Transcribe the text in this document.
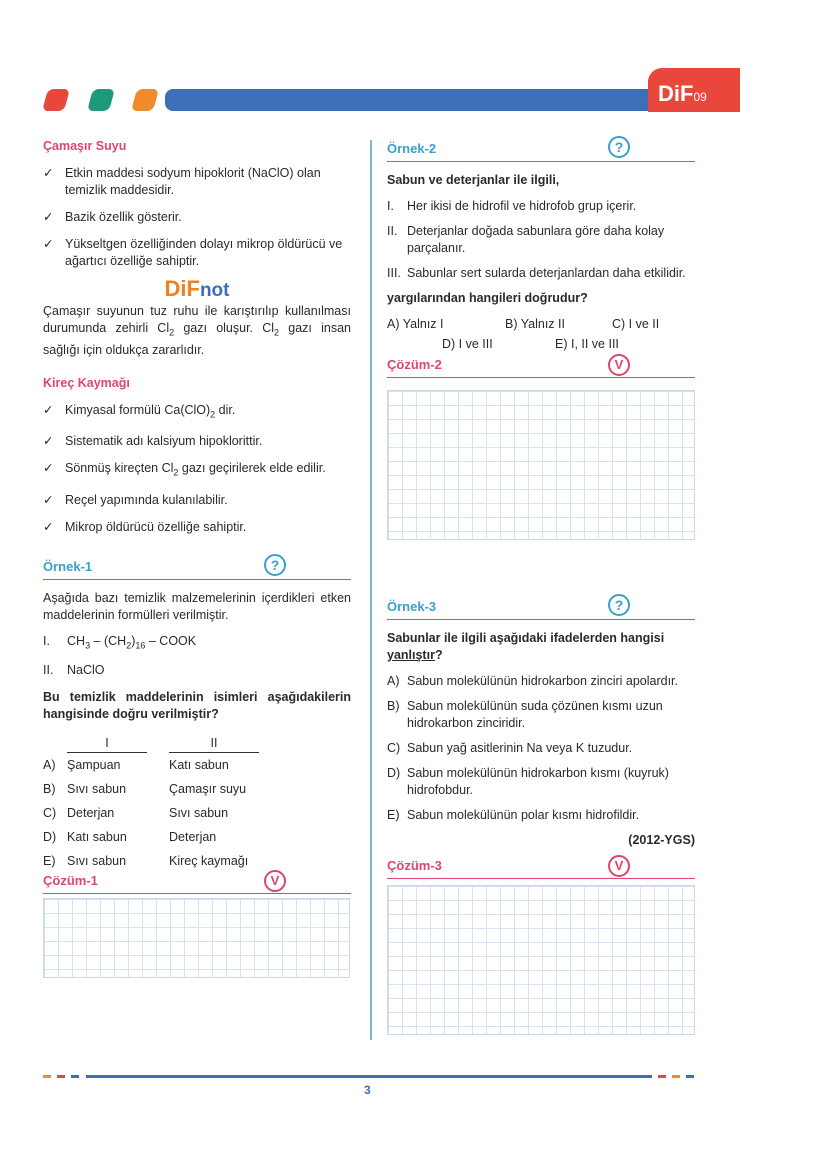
DiF09
Çamaşır Suyu
✓ Etkin maddesi sodyum hipoklorit (NaClO) olan temizlik maddesidir.
✓ Bazik özellik gösterir.
✓ Yükseltgen özelliğinden dolayı mikrop öldürücü ve ağartıcı özelliğe sahiptir.
DiFnot

Çamaşır suyunun tuz ruhu ile karıştırılıp kullanılması durumunda zehirli $Cl_2$ gazı oluşur. $Cl_2$ gazı insan sağlığı için oldukça zararlıdır.

Kireç Kaymağı
✓ Kimyasal formülü $Ca(ClO)_2$ dir.
✓ Sistematik adı kalsiyum hipoklorittir.
✓ Sönmüş kireçten $Cl_2$ gazı geçirilerek elde edilir.
✓ Reçel yapımında kulanılabilir.
✓ Mikrop öldürücü özelliğe sahiptir.
Örnek-1	?

Aşağıda bazı temizlik malzemelerinin içerdikleri etken maddelerinin formülleri verilmiştir.

I.	$CH_3 - (CH_2)_{16}$ – COOK
II.	NaClO

Bu temizlik maddelerinin isimleri aşağıdakilerin hangisinde doğru verilmiştir?

I	II
A) Şampuan	Katı sabun
B) Sıvı sabun	Çamaşır suyu
C) Deterjan	Sıvı sabun
D) Katı sabun	Deterjan
E) Sıvı sabun	Kireç kaymağı
Çözüm-1	V
Örnek-2	?

Sabun ve deterjanlar ile ilgili,

I. Her ikisi de hidrofil ve hidrofob grup içerir.
II. Deterjanlar doğada sabunlara göre daha kolay parçalanır.
III. Sabunlar sert sularda deterjanlardan daha etkilidir.

yargılarından hangileri doğrudur?

A) Yalnız I	B) Yalnız II	C) I ve II
D) I ve III	E) I, II ve III
Çözüm-2	V
Örnek-3	?

Sabunlar ile ilgili aşağıdaki ifadelerden hangisi yanlıştır?

A) Sabun molekülünün hidrokarbon zinciri apolardır.
B) Sabun molekülünün suda çözünen kısmı uzun hidrokarbon zinciridir.
C) Sabun yağ asitlerinin Na veya K tuzudur.
D) Sabun molekülünün hidrokarbon kısmı (kuyruk) hidrofobdur.
E) Sabun molekülünün polar kısmı hidrofildir.
(2012-YGS)
Çözüm-3	V
3
